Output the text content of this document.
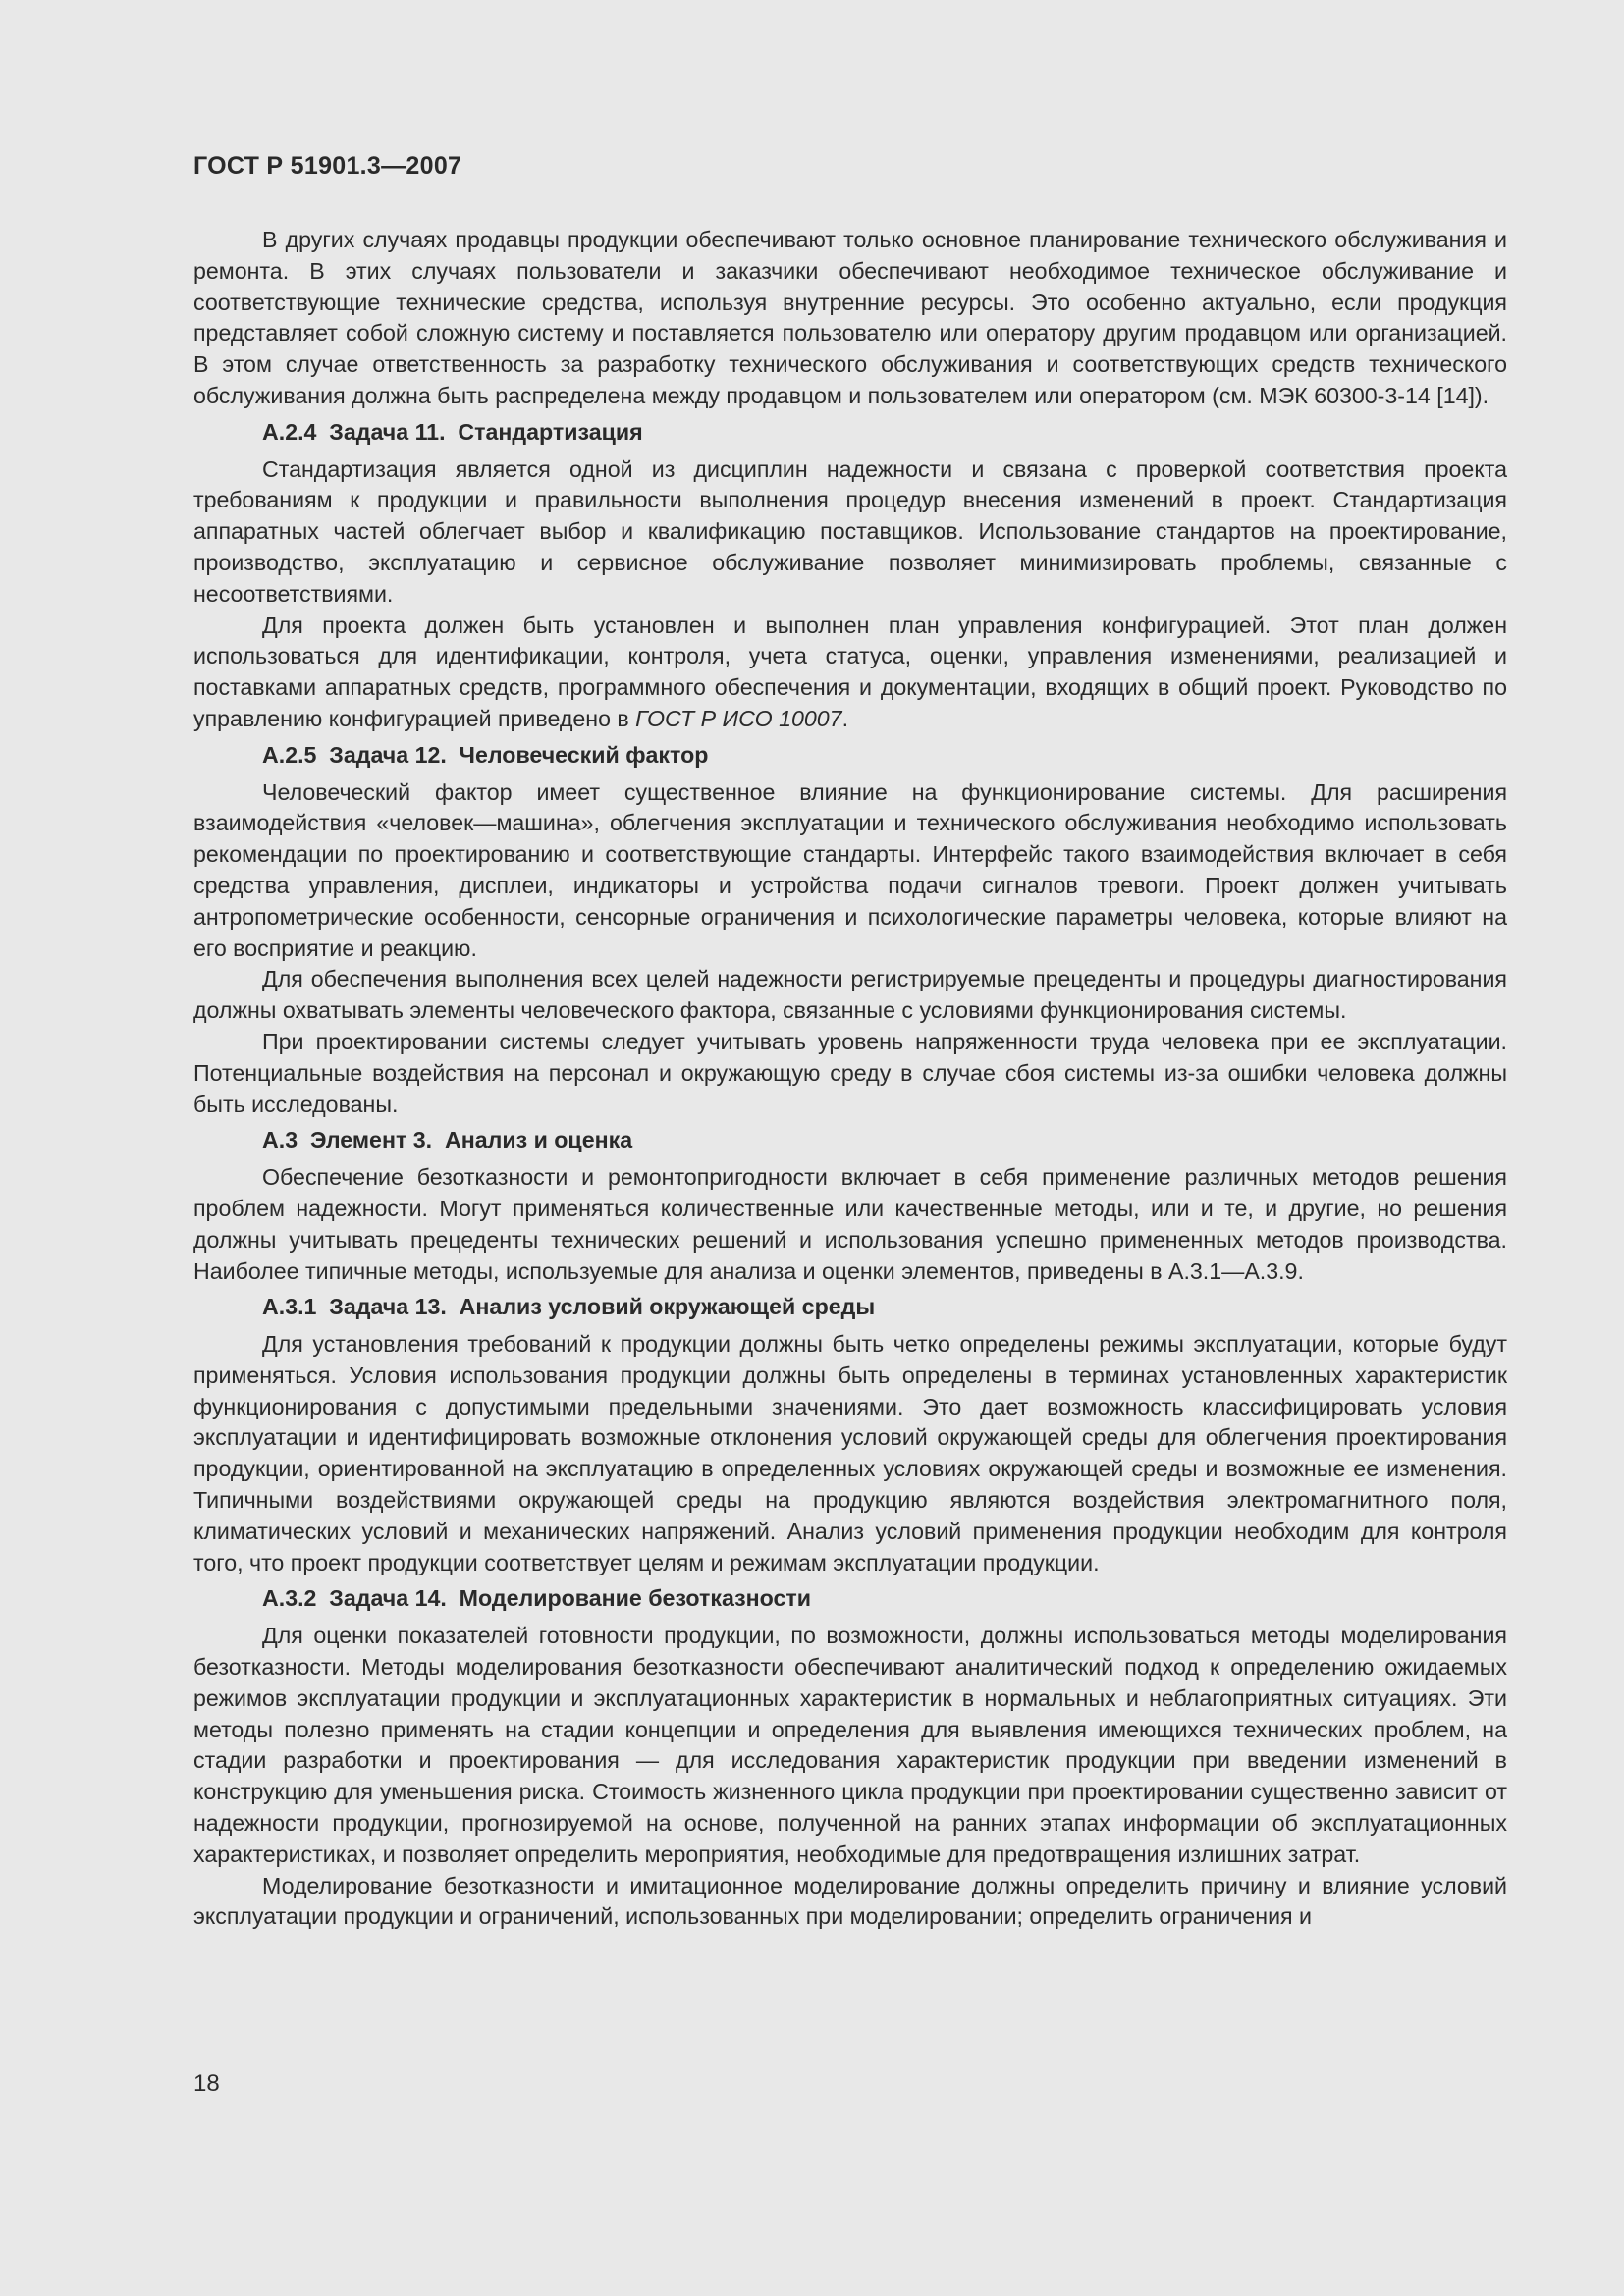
ГОСТ Р 51901.3—2007

В других случаях продавцы продукции обеспечивают только основное планирование технического обслуживания и ремонта. В этих случаях пользователи и заказчики обеспечивают необходимое техническое обслуживание и соответствующие технические средства, используя внутренние ресурсы. Это особенно актуально, если продукция представляет собой сложную систему и поставляется пользователю или оператору другим продавцом или организацией. В этом случае ответственность за разработку технического обслуживания и соответствующих средств технического обслуживания должна быть распределена между продавцом и пользователем или оператором (см. МЭК 60300-3-14 [14]).

А.2.4  Задача 11.  Стандартизация

Стандартизация является одной из дисциплин надежности и связана с проверкой соответствия проекта требованиям к продукции и правильности выполнения процедур внесения изменений в проект. Стандартизация аппаратных частей облегчает выбор и квалификацию поставщиков. Использование стандартов на проектирование, производство, эксплуатацию и сервисное обслуживание позволяет минимизировать проблемы, связанные с несоответствиями.

Для проекта должен быть установлен и выполнен план управления конфигурацией. Этот план должен использоваться для идентификации, контроля, учета статуса, оценки, управления изменениями, реализацией и поставками аппаратных средств, программного обеспечения и документации, входящих в общий проект. Руководство по управлению конфигурацией приведено в ГОСТ Р ИСО 10007.

А.2.5  Задача 12.  Человеческий фактор

Человеческий фактор имеет существенное влияние на функционирование системы. Для расширения взаимодействия «человек—машина», облегчения эксплуатации и технического обслуживания необходимо использовать рекомендации по проектированию и соответствующие стандарты. Интерфейс такого взаимодействия включает в себя средства управления, дисплеи, индикаторы и устройства подачи сигналов тревоги. Проект должен учитывать антропометрические особенности, сенсорные ограничения и психологические параметры человека, которые влияют на его восприятие и реакцию.

Для обеспечения выполнения всех целей надежности регистрируемые прецеденты и процедуры диагностирования должны охватывать элементы человеческого фактора, связанные с условиями функционирования системы.

При проектировании системы следует учитывать уровень напряженности труда человека при ее эксплуатации. Потенциальные воздействия на персонал и окружающую среду в случае сбоя системы из-за ошибки человека должны быть исследованы.

А.3  Элемент 3.  Анализ и оценка

Обеспечение безотказности и ремонтопригодности включает в себя применение различных методов решения проблем надежности. Могут применяться количественные или качественные методы, или и те, и другие, но решения должны учитывать прецеденты технических решений и использования успешно примененных методов производства. Наиболее типичные методы, используемые для анализа и оценки элементов, приведены в А.3.1—А.3.9.

А.3.1  Задача 13.  Анализ условий окружающей среды

Для установления требований к продукции должны быть четко определены режимы эксплуатации, которые будут применяться. Условия использования продукции должны быть определены в терминах установленных характеристик функционирования с допустимыми предельными значениями. Это дает возможность классифицировать условия эксплуатации и идентифицировать возможные отклонения условий окружающей среды для облегчения проектирования продукции, ориентированной на эксплуатацию в определенных условиях окружающей среды и возможные ее изменения. Типичными воздействиями окружающей среды на продукцию являются воздействия электромагнитного поля, климатических условий и механических напряжений. Анализ условий применения продукции необходим для контроля того, что проект продукции соответствует целям и режимам эксплуатации продукции.

А.3.2  Задача 14.  Моделирование безотказности

Для оценки показателей готовности продукции, по возможности, должны использоваться методы моделирования безотказности. Методы моделирования безотказности обеспечивают аналитический подход к определению ожидаемых режимов эксплуатации продукции и эксплуатационных характеристик в нормальных и неблагоприятных ситуациях. Эти методы полезно применять на стадии концепции и определения для выявления имеющихся технических проблем, на стадии разработки и проектирования — для исследования характеристик продукции при введении изменений в конструкцию для уменьшения риска. Стоимость жизненного цикла продукции при проектировании существенно зависит от надежности продукции, прогнозируемой на основе, полученной на ранних этапах информации об эксплуатационных характеристиках, и позволяет определить мероприятия, необходимые для предотвращения излишних затрат.

Моделирование безотказности и имитационное моделирование должны определить причину и влияние условий эксплуатации продукции и ограничений, использованных при моделировании; определить ограничения и

18
